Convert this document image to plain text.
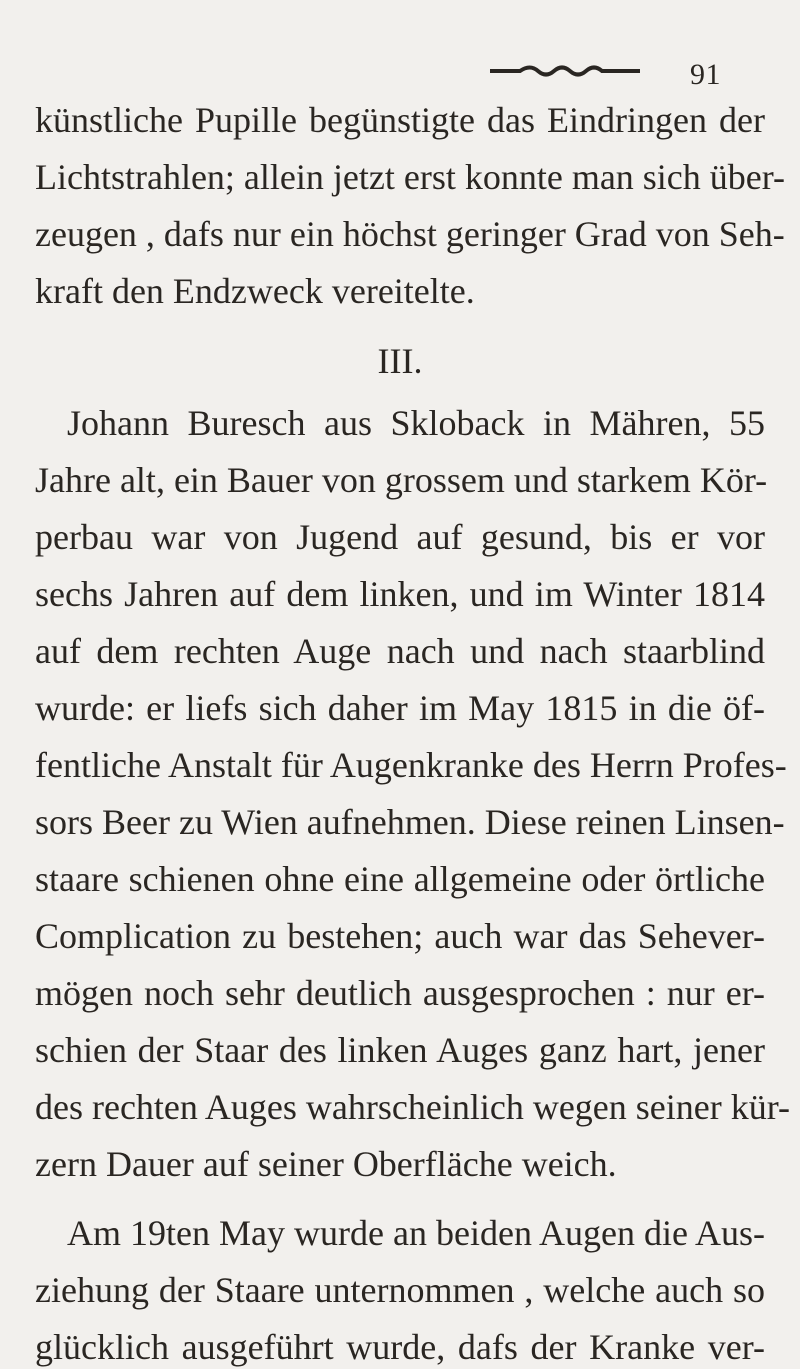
91
künstliche Pupille begünstigte das Eindringen der
Lichtstrahlen; allein jetzt erst konnte man sich über-
zeugen , dafs nur ein höchst geringer Grad von Seh-
kraft den Endzweck vereitelte.
III.
Johann Buresch aus Skloback in Mähren, 55
Jahre alt, ein Bauer von grossem und starkem Kör-
perbau war von Jugend auf gesund, bis er vor
sechs Jahren auf dem linken, und im Winter 1814
auf dem rechten Auge nach und nach staarblind
wurde: er liefs sich daher im May 1815 in die öf-
fentliche Anstalt für Augenkranke des Herrn Profes-
sors Beer zu Wien aufnehmen. Diese reinen Linsen-
staare schienen ohne eine allgemeine oder örtliche
Complication zu bestehen; auch war das Sehever-
mögen noch sehr deutlich ausgesprochen : nur er-
schien der Staar des linken Auges ganz hart, jener
des rechten Auges wahrscheinlich wegen seiner kür-
zern Dauer auf seiner Oberfläche weich.
Am 19ten May wurde an beiden Augen die Aus-
ziehung der Staare unternommen , welche auch so
glücklich ausgeführt wurde, dafs der Kranke ver-
